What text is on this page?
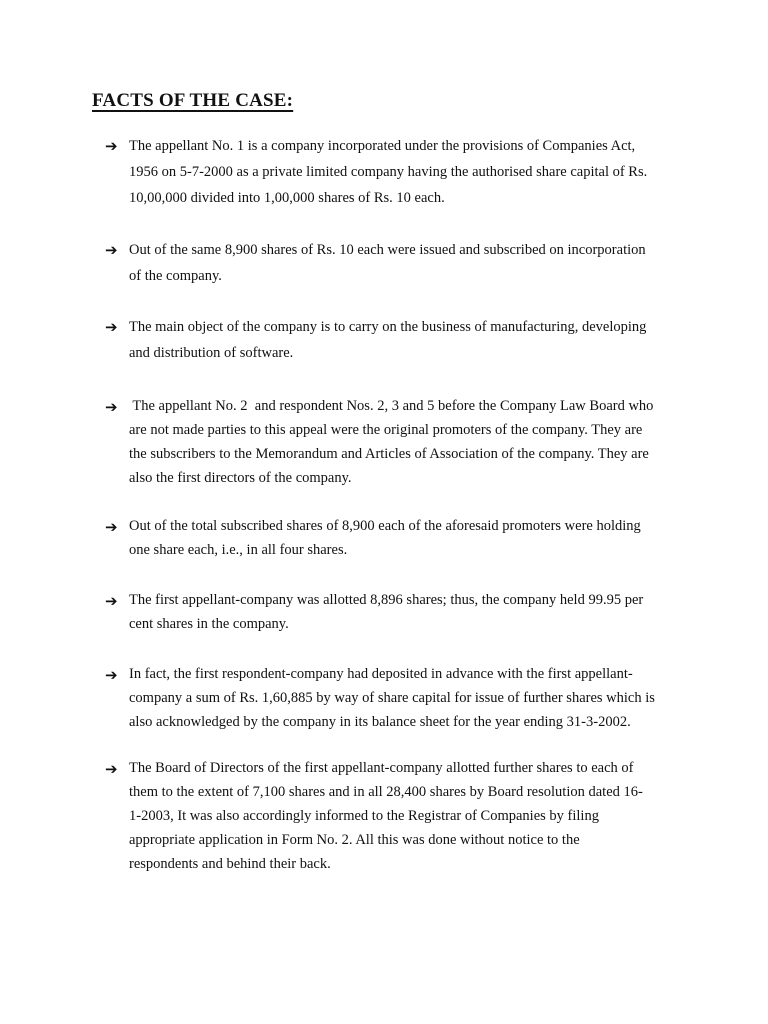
FACTS OF THE CASE:
➔ The appellant No. 1 is a company incorporated under the provisions of Companies Act,
1956 on 5-7-2000 as a private limited company having the authorised share capital of Rs.
10,00,000 divided into 1,00,000 shares of Rs. 10 each.
➔ Out of the same 8,900 shares of Rs. 10 each were issued and subscribed on incorporation
of the company.
➔ The main object of the company is to carry on the business of manufacturing, developing
and distribution of software.
➔ The appellant No. 2  and respondent Nos. 2, 3 and 5 before the Company Law Board who
are not made parties to this appeal were the original promoters of the company. They are
the subscribers to the Memorandum and Articles of Association of the company. They are
also the first directors of the company.
➔ Out of the total subscribed shares of 8,900 each of the aforesaid promoters were holding
one share each, i.e., in all four shares.
➔ The first appellant-company was allotted 8,896 shares; thus, the company held 99.95 per
cent shares in the company.
➔ In fact, the first respondent-company had deposited in advance with the first appellant-
company a sum of Rs. 1,60,885 by way of share capital for issue of further shares which is
also acknowledged by the company in its balance sheet for the year ending 31-3-2002.
➔ The Board of Directors of the first appellant-company allotted further shares to each of
them to the extent of 7,100 shares and in all 28,400 shares by Board resolution dated 16-
1-2003, It was also accordingly informed to the Registrar of Companies by filing
appropriate application in Form No. 2. All this was done without notice to the
respondents and behind their back.
